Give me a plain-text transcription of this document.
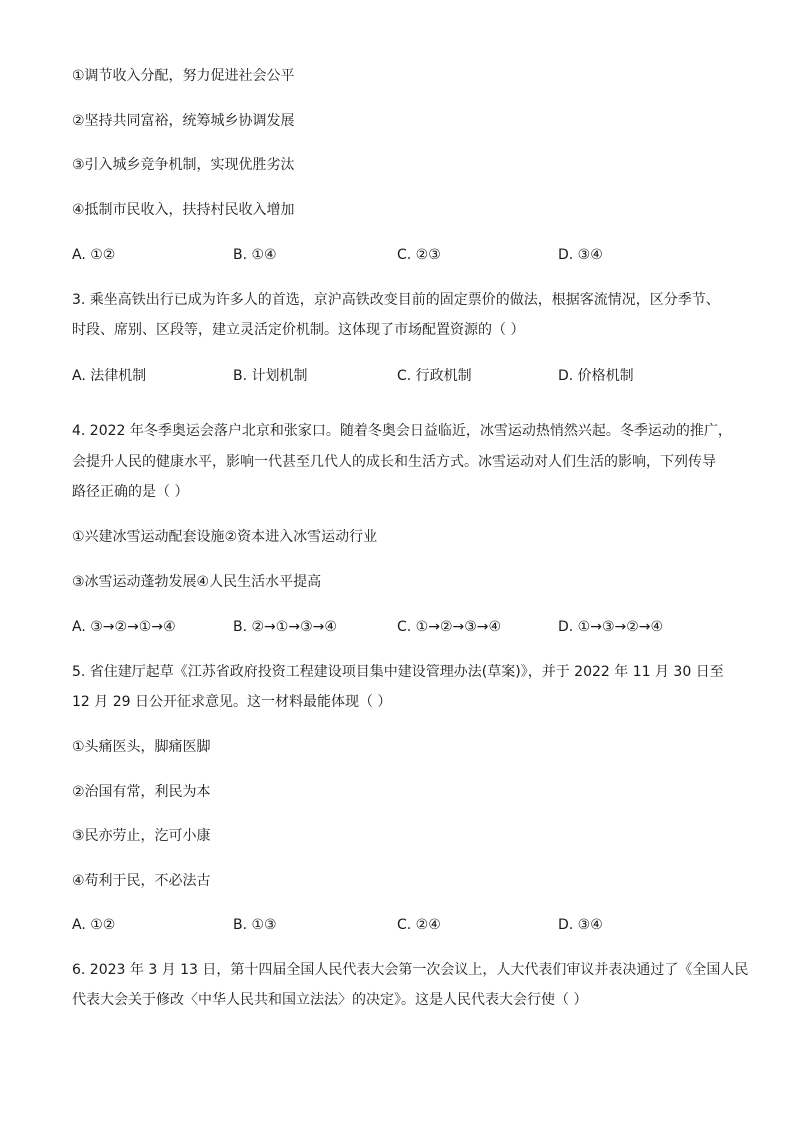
①调节收入分配，努力促进社会公平
②坚持共同富裕，统筹城乡协调发展
③引入城乡竞争机制，实现优胜劣汰
④抵制市民收入，扶持村民收入增加
A. ①②	B. ①④	C. ②③	D. ③④
3. 乘坐高铁出行已成为许多人的首选，京沪高铁改变目前的固定票价的做法，根据客流情况，区分季节、
时段、席别、区段等，建立灵活定价机制。这体现了市场配置资源的（ ）
A. 法律机制	B. 计划机制	C. 行政机制	D. 价格机制
4. 2022 年冬季奥运会落户北京和张家口。随着冬奥会日益临近，冰雪运动热悄然兴起。冬季运动的推广，
会提升人民的健康水平，影响一代甚至几代人的成长和生活方式。冰雪运动对人们生活的影响，下列传导
路径正确的是（ ）
①兴建冰雪运动配套设施②资本进入冰雪运动行业
③冰雪运动蓬勃发展④人民生活水平提高
A. ③→②→①→④	B. ②→①→③→④	C. ①→②→③→④	D. ①→③→②→④
5. 省住建厅起草《江苏省政府投资工程建设项目集中建设管理办法(草案)》，并于 2022 年 11 月 30 日至
12 月 29 日公开征求意见。这一材料最能体现（ ）
①头痛医头，脚痛医脚
②治国有常，利民为本
③民亦劳止，汔可小康
④苟利于民，不必法古
A. ①②	B. ①③	C. ②④	D. ③④
6. 2023 年 3 月 13 日，第十四届全国人民代表大会第一次会议上，人大代表们审议并表决通过了《全国人民
代表大会关于修改〈中华人民共和国立法法〉的决定》。这是人民代表大会行使（ ）
